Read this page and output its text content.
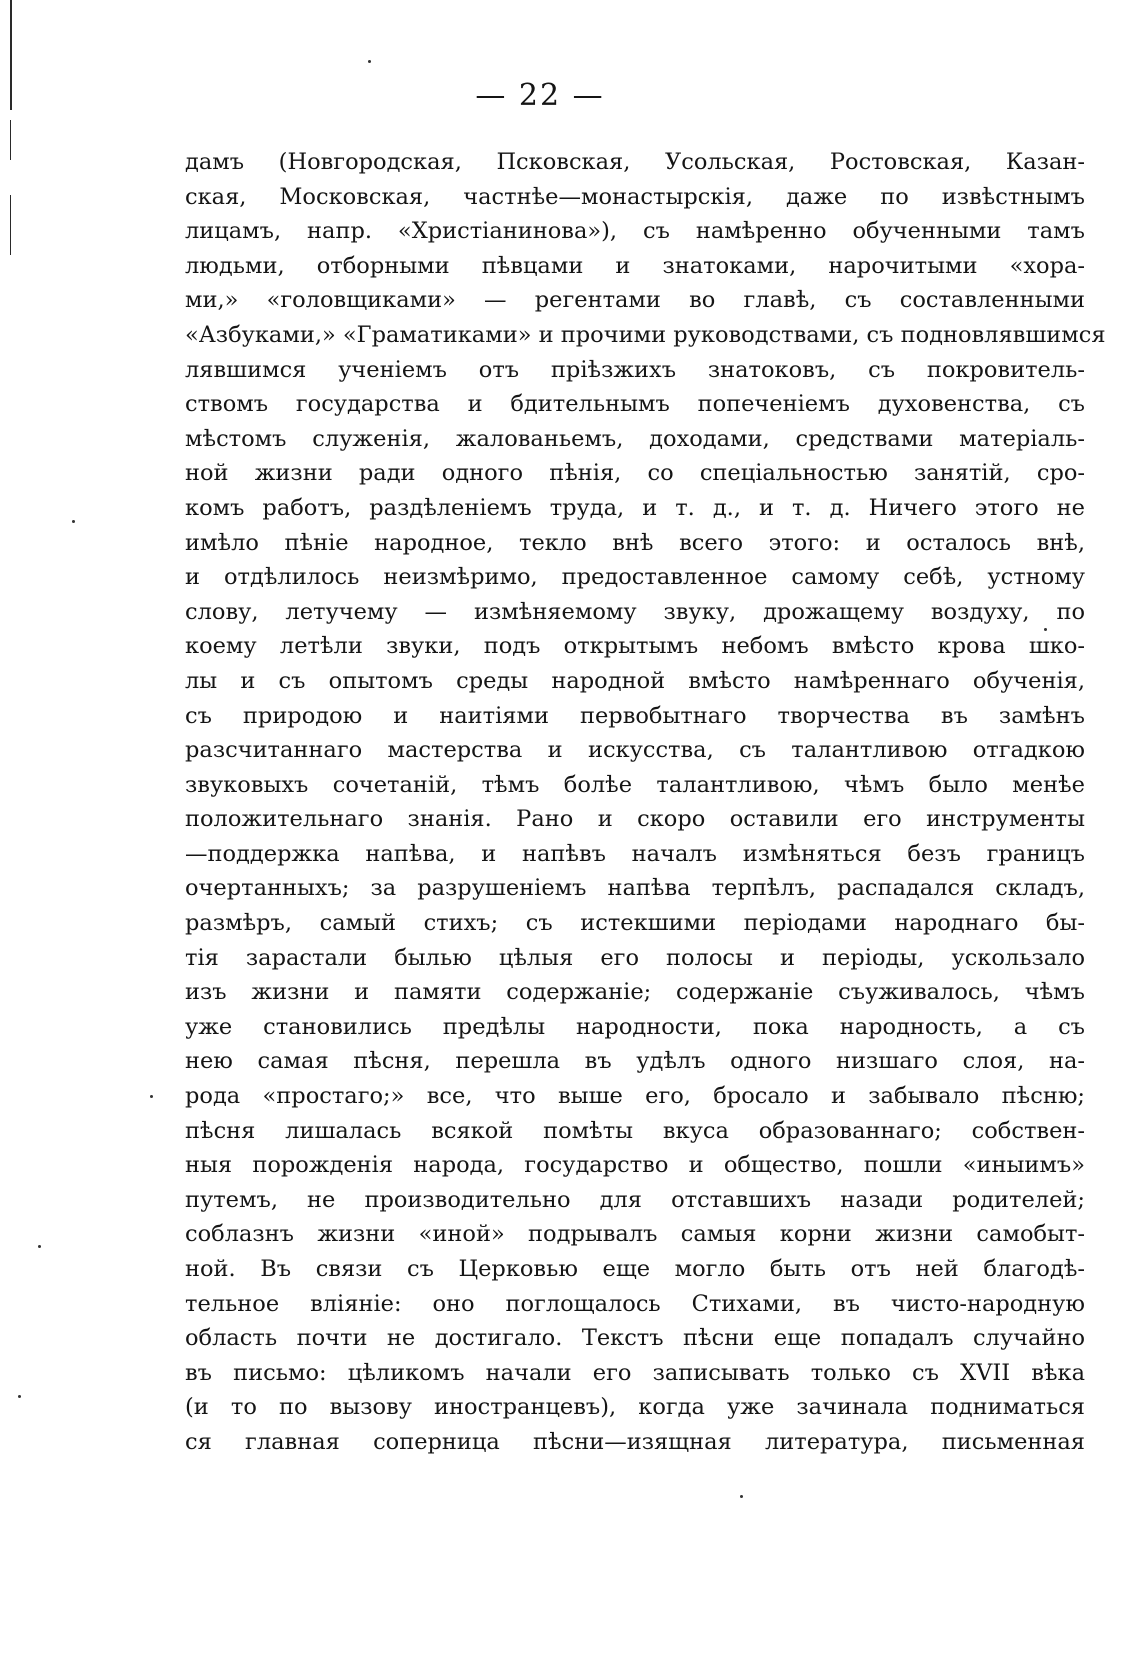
— 22 —
дамъ (Новгородская, Псковская, Усольская, Ростовская, Казан-
ская, Московская, частнѣе—монастырскія, даже по извѣстнымъ
лицамъ, напр. «Христіанинова»), съ намѣренно обученными тамъ
людьми, отборными пѣвцами и знатоками, нарочитыми «хора-
ми,» «головщиками» — регентами во главѣ, съ составленными
«Азбуками,» «Граматиками» и прочими руководствами, съ подновлявшимся
лявшимся ученіемъ отъ пріѣзжихъ знатоковъ, съ покровитель-
ствомъ государства и бдительнымъ попеченіемъ духовенства, съ
мѣстомъ служенія, жалованьемъ, доходами, средствами матеріаль-
ной жизни ради одного пѣнія, со спеціальностью занятій, сро-
комъ работъ, раздѣленіемъ труда, и т. д., и т. д. Ничего этого не
имѣло пѣніе народное, текло внѣ всего этого: и осталось внѣ,
и отдѣлилось неизмѣримо, предоставленное самому себѣ, устному
слову, летучему — измѣняемому звуку, дрожащему воздуху, по
коему летѣли звуки, подъ открытымъ небомъ вмѣсто крова шко-
лы и съ опытомъ среды народной вмѣсто намѣреннаго обученія,
съ природою и наитіями первобытнаго творчества въ замѣнъ
разсчитаннаго мастерства и искусства, съ талантливою отгадкою
звуковыхъ сочетаній, тѣмъ болѣе талантливою, чѣмъ было менѣе
положительнаго знанія. Рано и скоро оставили его инструменты
—поддержка напѣва, и напѣвъ началъ измѣняться безъ границъ
очертанныхъ; за разрушеніемъ напѣва терпѣлъ, распадался складъ,
размѣръ, самый стихъ; съ истекшими періодами народнаго бы-
тія зарастали былью цѣлыя его полосы и періоды, ускользало
изъ жизни и памяти содержаніе; содержаніе съуживалось, чѣмъ
уже становились предѣлы народности, пока народность, а съ
нею самая пѣсня, перешла въ удѣлъ одного низшаго слоя, на-
рода «простаго;» все, что выше его, бросало и забывало пѣсню;
пѣсня лишалась всякой помѣты вкуса образованнаго; собствен-
ныя порожденія народа, государство и общество, пошли «иныимъ»
путемъ, не производительно для отставшихъ назади родителей;
соблазнъ жизни «иной» подрывалъ самыя корни жизни самобыт-
ной. Въ связи съ Церковью еще могло быть отъ ней благодѣ-
тельное вліяніе: оно поглощалось Стихами, въ чисто-народную
область почти не достигало. Текстъ пѣсни еще попадалъ случайно
въ письмо: цѣликомъ начали его записывать только съ XVII вѣка
(и то по вызову иностранцевъ), когда уже зачинала подниматься
ся главная соперница пѣсни—изящная литература, письменная
